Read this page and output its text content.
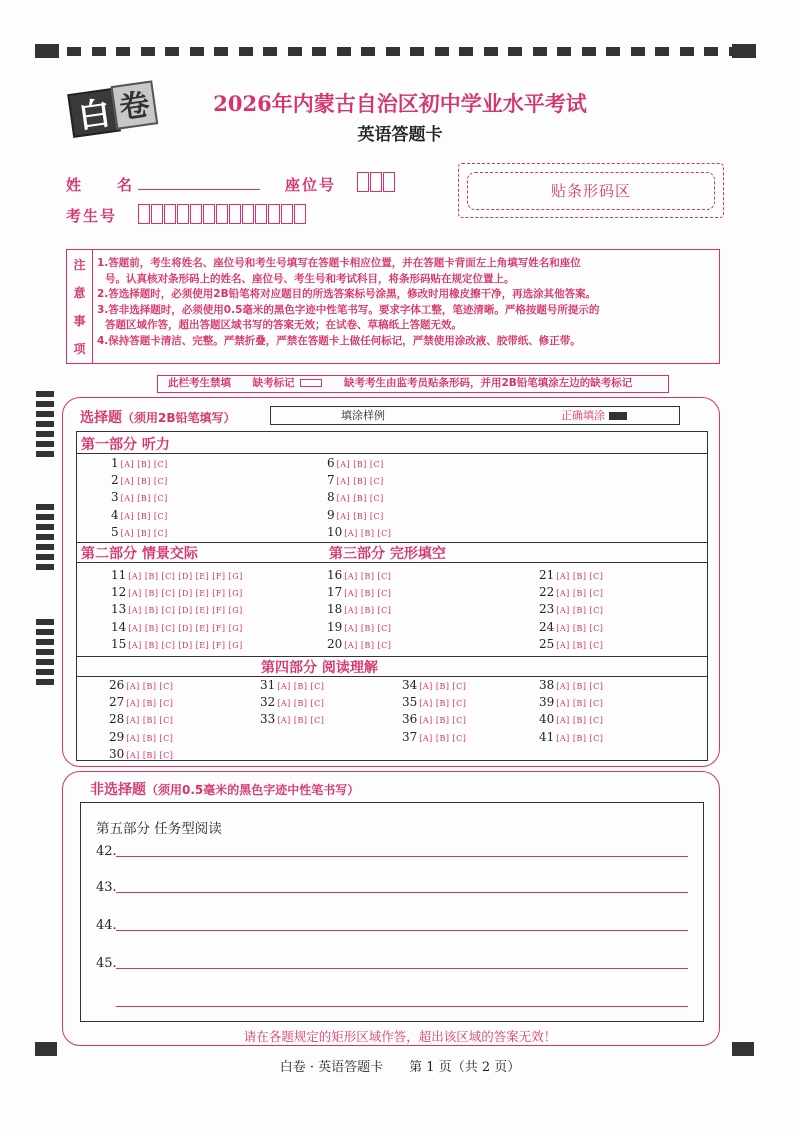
白 卷	2026年内蒙古自治区初中学业水平考试
英语答题卡
姓　　名	座位号
考生号
贴条形码区
注
意
事
项
1.答题前，考生将姓名、座位号和考生号填写在答题卡相应位置，并在答题卡背面左上角填写姓名和座位
号。认真核对条形码上的姓名、座位号、考生号和考试科目，将条形码贴在规定位置上。
2.答选择题时，必须使用2B铅笔将对应题目的所选答案标号涂黑，修改时用橡皮擦干净，再选涂其他答案。
3.答非选择题时，必须使用0.5毫米的黑色字迹中性笔书写。要求字体工整，笔迹清晰。严格按题号所提示的
答题区域作答，超出答题区域书写的答案无效；在试卷、草稿纸上答题无效。
4.保持答题卡清洁、完整。严禁折叠，严禁在答题卡上做任何标记，严禁使用涂改液、胶带纸、修正带。
此栏考生禁填 缺考标记	缺考考生由监考员贴条形码，并用2B铅笔填涂左边的缺考标记
选择题（须用2B铅笔填写）	填涂样例	正确填涂
第一部分 听力
第二部分 情景交际	第三部分 完形填空
第四部分 阅读理解
1 [A] [B] [C]
2 [A] [B] [C]
3 [A] [B] [C]
4 [A] [B] [C]
5 [A] [B] [C]
6 [A] [B] [C]
7 [A] [B] [C]
8 [A] [B] [C]
9 [A] [B] [C]
10 [A] [B] [C]
11 [A] [B] [C] [D] [E] [F] [G]
12 [A] [B] [C] [D] [E] [F] [G]
13 [A] [B] [C] [D] [E] [F] [G]
14 [A] [B] [C] [D] [E] [F] [G]
15 [A] [B] [C] [D] [E] [F] [G]
16 [A] [B] [C]
17 [A] [B] [C]
18 [A] [B] [C]
19 [A] [B] [C]
20 [A] [B] [C]
21 [A] [B] [C]
22 [A] [B] [C]
23 [A] [B] [C]
24 [A] [B] [C]
25 [A] [B] [C]
26 [A] [B] [C]
27 [A] [B] [C]
28 [A] [B] [C]
29 [A] [B] [C]
30 [A] [B] [C]
31 [A] [B] [C]
32 [A] [B] [C]
33 [A] [B] [C]
34 [A] [B] [C]
35 [A] [B] [C]
36 [A] [B] [C]
37 [A] [B] [C]
38 [A] [B] [C]
39 [A] [B] [C]
40 [A] [B] [C]
41 [A] [B] [C]
非选择题（须用0.5毫米的黑色字迹中性笔书写）
第五部分 任务型阅读
42.
43.
44.
45.
请在各题规定的矩形区域作答，超出该区域的答案无效！
白卷 · 英语答题卡　　第 1 页（共 2 页）
